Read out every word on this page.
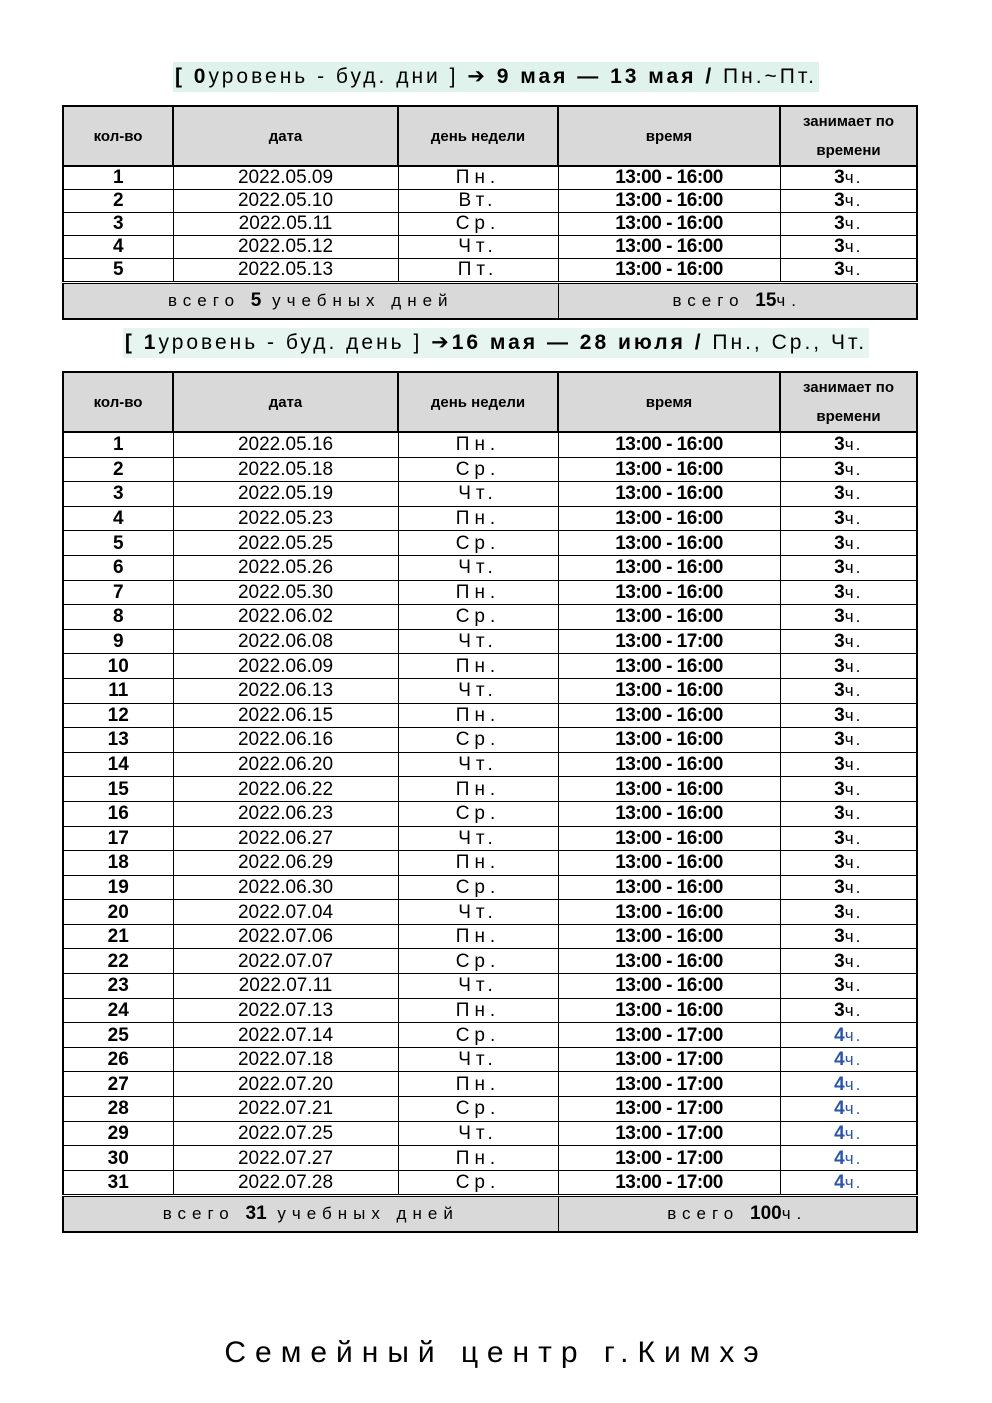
[ 0уровень - буд. дни ] ➔ 9 мая — 13 мая / Пн.~Пт.
кол-во	дата	день недели	время	занимает по времени
1	2022.05.09	Пн.	13:00 - 16:00	3ч.
2	2022.05.10	Вт.	13:00 - 16:00	3ч.
3	2022.05.11	Ср.	13:00 - 16:00	3ч.
4	2022.05.12	Чт.	13:00 - 16:00	3ч.
5	2022.05.13	Пт.	13:00 - 16:00	3ч.
всего 5 учебных дней			всего 15ч.	
[ 1уровень - буд. день ] ➔16 мая — 28 июля / Пн., Ср., Чт.
кол-во	дата	день недели	время	занимает по времени
1	2022.05.16	Пн.	13:00 - 16:00	3ч.
2	2022.05.18	Ср.	13:00 - 16:00	3ч.
3	2022.05.19	Чт.	13:00 - 16:00	3ч.
4	2022.05.23	Пн.	13:00 - 16:00	3ч.
5	2022.05.25	Ср.	13:00 - 16:00	3ч.
6	2022.05.26	Чт.	13:00 - 16:00	3ч.
7	2022.05.30	Пн.	13:00 - 16:00	3ч.
8	2022.06.02	Ср.	13:00 - 16:00	3ч.
9	2022.06.08	Чт.	13:00 - 17:00	3ч.
10	2022.06.09	Пн.	13:00 - 16:00	3ч.
11	2022.06.13	Чт.	13:00 - 16:00	3ч.
12	2022.06.15	Пн.	13:00 - 16:00	3ч.
13	2022.06.16	Ср.	13:00 - 16:00	3ч.
14	2022.06.20	Чт.	13:00 - 16:00	3ч.
15	2022.06.22	Пн.	13:00 - 16:00	3ч.
16	2022.06.23	Ср.	13:00 - 16:00	3ч.
17	2022.06.27	Чт.	13:00 - 16:00	3ч.
18	2022.06.29	Пн.	13:00 - 16:00	3ч.
19	2022.06.30	Ср.	13:00 - 16:00	3ч.
20	2022.07.04	Чт.	13:00 - 16:00	3ч.
21	2022.07.06	Пн.	13:00 - 16:00	3ч.
22	2022.07.07	Ср.	13:00 - 16:00	3ч.
23	2022.07.11	Чт.	13:00 - 16:00	3ч.
24	2022.07.13	Пн.	13:00 - 16:00	3ч.
25	2022.07.14	Ср.	13:00 - 17:00	4ч.
26	2022.07.18	Чт.	13:00 - 17:00	4ч.
27	2022.07.20	Пн.	13:00 - 17:00	4ч.
28	2022.07.21	Ср.	13:00 - 17:00	4ч.
29	2022.07.25	Чт.	13:00 - 17:00	4ч.
30	2022.07.27	Пн.	13:00 - 17:00	4ч.
31	2022.07.28	Ср.	13:00 - 17:00	4ч.
всего 31 учебных дней			всего 100ч.	
Семейный центр г.Кимхэ
